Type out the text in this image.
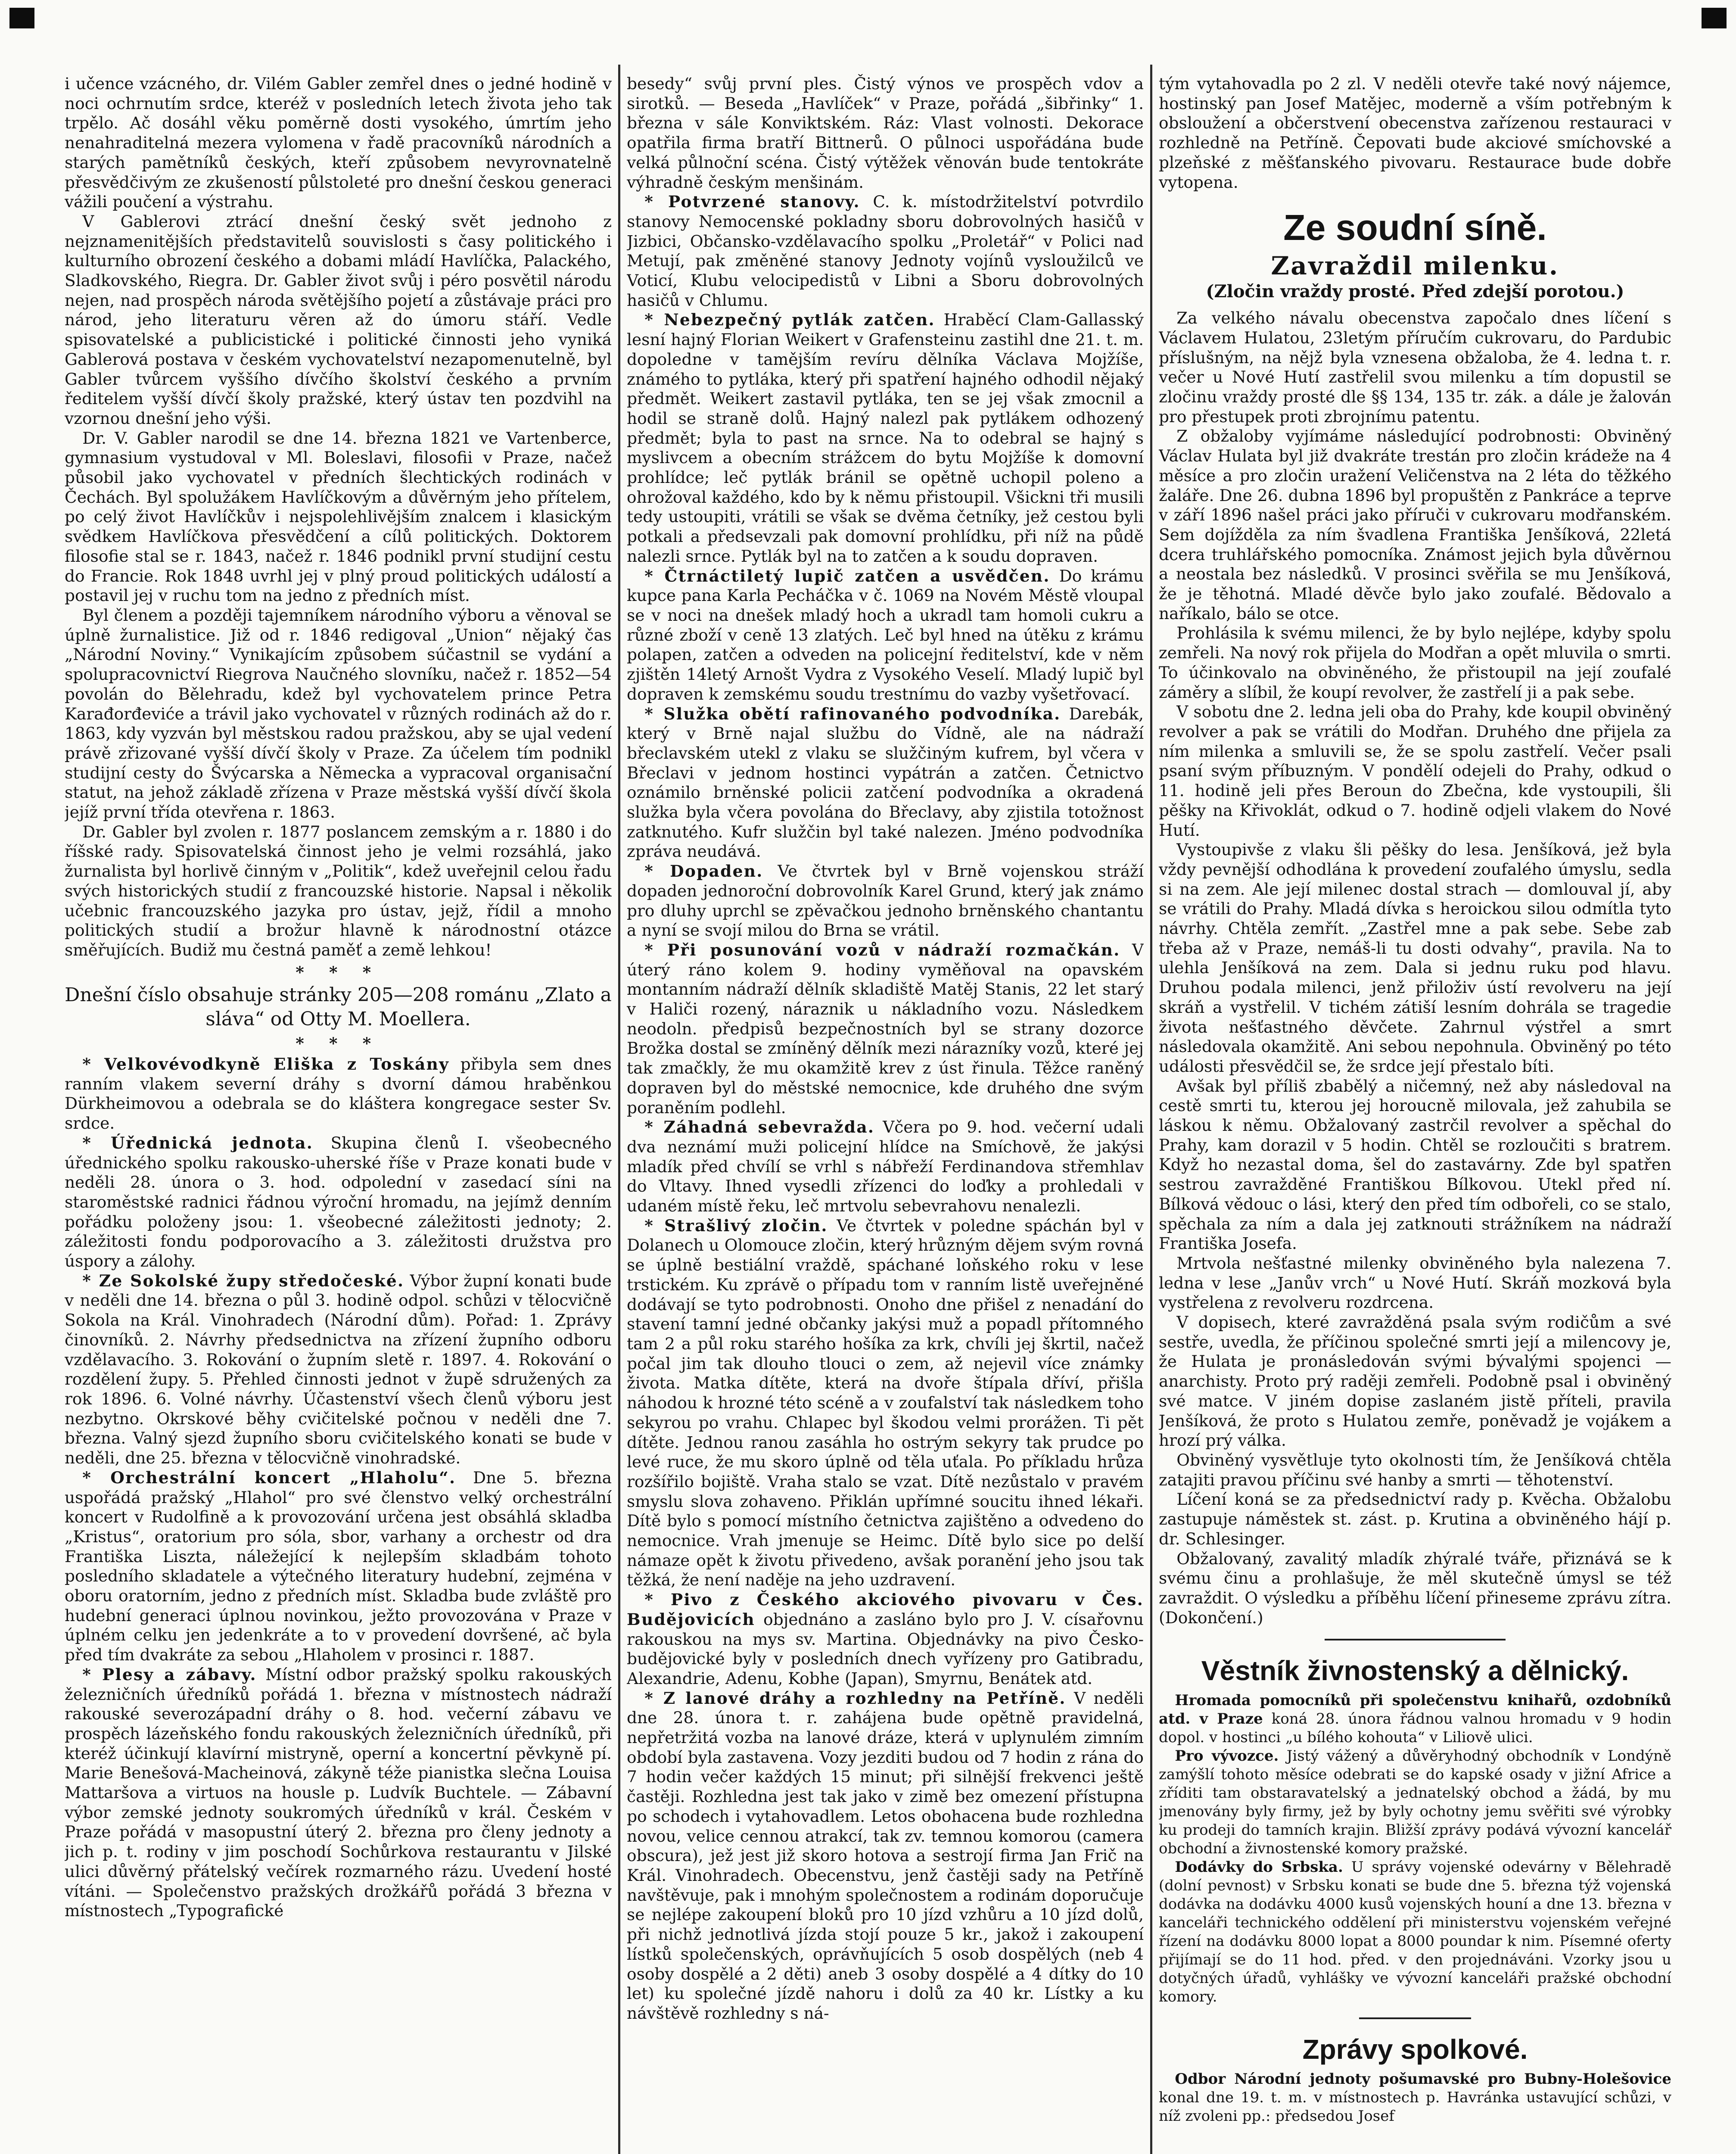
i učence vzácného, dr. Vilém Gabler zemřel dnes o jedné hodině v noci ochrnutím srdce, kteréž v posledních letech života jeho tak trpělo. Ač dosáhl věku poměrně dosti vysokého, úmrtím jeho nenahraditelná mezera vylomena v řadě pracovníků národních a starých pamětníků českých, kteří způsobem nevyrovnatelně přesvědčivým ze zkušeností půlstoleté pro dnešní českou generaci vážili poučení a výstrahu.

V Gablerovi ztrácí dnešní český svět jednoho z nejznamenitějších představitelů souvislosti s časy politického i kulturního obrození českého a dobami mládí Havlíčka, Palackého, Sladkovského, Riegra. Dr. Gabler život svůj i péro posvětil národu nejen, nad prospěch národa světějšího pojetí a zůstávaje práci pro národ, jeho literaturu věren až do úmoru stáří. Vedle spisovatelské a publicistické i politické činnosti jeho vyniká Gablerová postava v českém vychovatelství nezapomenutelně, byl Gabler tvůrcem vyššího dívčího školství českého a prvním ředitelem vyšší dívčí školy pražské, který ústav ten pozdvihl na vzornou dnešní jeho výši.

Dr. V. Gabler narodil se dne 14. března 1821 ve Vartenberce, gymnasium vystudoval v Ml. Boleslavi, filosofii v Praze, načež působil jako vychovatel v předních šlechtických rodinách v Čechách. Byl spolužákem Havlíčkovým a důvěrným jeho přítelem, po celý život Havlíčkův i nejspolehlivějším znalcem i klasickým svědkem Havlíčkova přesvědčení a cílů politických. Doktorem filosofie stal se r. 1843, načež r. 1846 podnikl první studijní cestu do Francie. Rok 1848 uvrhl jej v plný proud politických událostí a postavil jej v ruchu tom na jedno z předních míst.

Byl členem a později tajemníkem národního výboru a věnoval se úplně žurnalistice. Již od r. 1846 redigoval „Union“ nějaký čas „Národní Noviny.“ Vynikajícím způsobem súčastnil se vydání a spolupracovnictví Riegrova Naučného slovníku, načež r. 1852—54 povolán do Bělehradu, kdež byl vychovatelem prince Petra Karađorđeviće a trávil jako vychovatel v různých rodinách až do r. 1863, kdy vyzván byl městskou radou pražskou, aby se ujal vedení právě zřizované vyšší dívčí školy v Praze. Za účelem tím podnikl studijní cesty do Švýcarska a Německa a vypracoval organisační statut, na jehož základě zřízena v Praze městská vyšší dívčí škola jejíž první třída otevřena r. 1863.

Dr. Gabler byl zvolen r. 1877 poslancem zemským a r. 1880 i do říšské rady. Spisovatelská činnost jeho je velmi rozsáhlá, jako žurnalista byl horlivě činným v „Politik“, kdež uveřejnil celou řadu svých historických studií z francouzské historie. Napsal i několik učebnic francouzského jazyka pro ústav, jejž, řídil a mnoho politických studií a brožur hlavně k národnostní otázce směřujících. Budiž mu čestná paměť a země lehkou!

* * *

Dnešní číslo obsahuje stránky 205—208 románu „Zlato a sláva“ od Otty M. Moellera.

* * *

* Velkovévodkyně Eliška z Toskány přibyla sem dnes ranním vlakem severní dráhy s dvorní dámou hraběnkou Dürkheimovou a odebrala se do kláštera kongregace sester Sv. srdce.

* Úřednická jednota. Skupina členů I. všeobecného úřednického spolku rakousko-uherské říše v Praze konati bude v neděli 28. února o 3. hod. odpolední v zasedací síni na staroměstské radnici řádnou výroční hromadu, na jejímž denním pořádku položeny jsou: 1. všeobecné záležitosti jednoty; 2. záležitosti fondu podporovacího a 3. záležitosti družstva pro úspory a zálohy.

* Ze Sokolské župy středočeské. Výbor župní konati bude v neděli dne 14. března o půl 3. hodině odpol. schůzi v tělocvičně Sokola na Král. Vinohradech (Národní dům). Pořad: 1. Zprávy činovníků. 2. Návrhy předsednictva na zřízení župního odboru vzdělavacího. 3. Rokování o župním sletě r. 1897. 4. Rokování o rozdělení župy. 5. Přehled činnosti jednot v župě sdružených za rok 1896. 6. Volné návrhy. Účastenství všech členů výboru jest nezbytno. Okrskové běhy cvičitelské počnou v neděli dne 7. března. Valný sjezd župního sboru cvičitelského konati se bude v neděli, dne 25. března v tělocvičně vinohradské.

* Orchestrální koncert „Hlaholu“. Dne 5. března uspořádá pražský „Hlahol“ pro své členstvo velký orchestrální koncert v Rudolfině a k provozování určena jest obsáhlá skladba „Kristus“, oratorium pro sóla, sbor, varhany a orchestr od dra Františka Liszta, náležející k nejlepším skladbám tohoto posledního skladatele a výtečného literatury hudební, zejména v oboru oratorním, jedno z předních míst. Skladba bude zvláště pro hudební generaci úplnou novinkou, ježto provozována v Praze v úplném celku jen jedenkráte a to v provedení dovršené, ač byla před tím dvakráte za sebou „Hlaholem v prosinci r. 1887.

* Plesy a zábavy. Místní odbor pražský spolku rakouských železničních úředníků pořádá 1. března v místnostech nádraží rakouské severozápadní dráhy o 8. hod. večerní zábavu ve prospěch lázeňského fondu rakouských železničních úředníků, při kteréž účinkují klavírní mistryně, operní a koncertní pěvkyně pí. Marie Benešová-Macheinová, zákyně téže pianistka slečna Louisa Mattaršova a virtuos na housle p. Ludvík Buchtele. — Zábavní výbor zemské jednoty soukromých úředníků v král. Českém v Praze pořádá v masopustní úterý 2. března pro členy jednoty a jich p. t. rodiny v jim poschodí Sochůrkova restaurantu v Jilské ulici důvěrný přátelský večírek rozmarného rázu. Uvedení hosté vítáni. — Společenstvo pražských drožkářů pořádá 3 března v místnostech „Typografické

besedy“ svůj první ples. Čistý výnos ve prospěch vdov a sirotků. — Beseda „Havlíček“ v Praze, pořádá „šibřinky“ 1. března v sále Konviktském. Ráz: Vlast volnosti. Dekorace opatřila firma bratří Bittnerů. O půlnoci uspořádána bude velká půlnoční scéna. Čistý výtěžek věnován bude tentokráte výhradně českým menšinám.

* Potvrzené stanovy. C. k. místodržitelství potvrdilo stanovy Nemocenské pokladny sboru dobrovolných hasičů v Jizbici, Občansko-vzdělavacího spolku „Proletář“ v Polici nad Metují, pak změněné stanovy Jednoty vojínů vysloužilců ve Voticí, Klubu velocipedistů v Libni a Sboru dobrovolných hasičů v Chlumu.

* Nebezpečný pytlák zatčen. Hraběcí Clam-Gallasský lesní hajný Florian Weikert v Grafensteinu zastihl dne 21. t. m. dopoledne v tamějším revíru dělníka Václava Mojžíše, známého to pytláka, který při spatření hajného odhodil nějaký předmět. Weikert zastavil pytláka, ten se jej však zmocnil a hodil se straně dolů. Hajný nalezl pak pytlákem odhozený předmět; byla to past na srnce. Na to odebral se hajný s myslivcem a obecním strážcem do bytu Mojžíše k domovní prohlídce; leč pytlák bránil se opětně uchopil poleno a ohrožoval každého, kdo by k němu přistoupil. Všickni tři musili tedy ustoupiti, vrátili se však se dvěma četníky, jež cestou byli potkali a předsevzali pak domovní prohlídku, při níž na půdě nalezli srnce. Pytlák byl na to zatčen a k soudu dopraven.

* Čtrnáctiletý lupič zatčen a usvědčen. Do krámu kupce pana Karla Pecháčka v č. 1069 na Novém Městě vloupal se v noci na dnešek mladý hoch a ukradl tam homoli cukru a různé zboží v ceně 13 zlatých. Leč byl hned na útěku z krámu polapen, zatčen a odveden na policejní ředitelství, kde v něm zjištěn 14letý Arnošt Vydra z Vysokého Veselí. Mladý lupič byl dopraven k zemskému soudu trestnímu do vazby vyšetřovací.

* Služka obětí rafinovaného podvodníka. Darebák, který v Brně najal službu do Vídně, ale na nádraží břeclavském utekl z vlaku se služčiným kufrem, byl včera v Břeclavi v jednom hostinci vypátrán a zatčen. Četnictvo oznámilo brněnské policii zatčení podvodníka a okradená služka byla včera povolána do Břeclavy, aby zjistila totožnost zatknutého. Kufr služčin byl také nalezen. Jméno podvodníka zpráva neudává.

* Dopaden. Ve čtvrtek byl v Brně vojenskou stráží dopaden jednoroční dobrovolník Karel Grund, který jak známo pro dluhy uprchl se zpěvačkou jednoho brněnského chantantu a nyní se svojí milou do Brna se vrátil.

* Při posunování vozů v nádraží rozmačkán. V úterý ráno kolem 9. hodiny vyměňoval na opavském montanním nádraží dělník skladiště Matěj Stanis, 22 let starý v Haliči rozený, náraznik u nákladního vozu. Následkem neodoln. předpisů bezpečnostních byl se strany dozorce Brožka dostal se zmíněný dělník mezi nárazníky vozů, které jej tak zmačkly, že mu okamžitě krev z úst řinula. Těžce raněný dopraven byl do městské nemocnice, kde druhého dne svým poraněním podlehl.

* Záhadná sebevražda. Včera po 9. hod. večerní udali dva neznámí muži policejní hlídce na Smíchově, že jakýsi mladík před chvílí se vrhl s nábřeží Ferdinandova střemhlav do Vltavy. Ihned vysedli zřízenci do loďky a prohledali v udaném místě řeku, leč mrtvolu sebevrahovu nenalezli.

* Strašlivý zločin. Ve čtvrtek v poledne spáchán byl v Dolanech u Olomouce zločin, který hrůzným dějem svým rovná se úplně bestiální vraždě, spáchané loňského roku v lese trstickém. Ku zprávě o případu tom v ranním listě uveřejněné dodávají se tyto podrobnosti. Onoho dne přišel z nenadání do stavení tamní jedné občanky jakýsi muž a popadl přítomného tam 2 a půl roku starého hošíka za krk, chvíli jej škrtil, načež počal jim tak dlouho tlouci o zem, až nejevil více známky života. Matka dítěte, která na dvoře štípala dříví, přišla náhodou k hrozné této scéně a v zoufalství tak následkem toho sekyrou po vrahu. Chlapec byl škodou velmi prorážen. Ti pět dítěte. Jednou ranou zasáhla ho ostrým sekyry tak prudce po levé ruce, že mu skoro úplně od těla uťala. Po příkladu hrůza rozšířilo bojiště. Vraha stalo se vzat. Dítě nezůstalo v pravém smyslu slova zohaveno. Přiklán upřímné soucitu ihned lékaři. Dítě bylo s pomocí místního četnictva zajištěno a odvedeno do nemocnice. Vrah jmenuje se Heimc. Dítě bylo sice po delší námaze opět k životu přivedeno, avšak poranění jeho jsou tak těžká, že není naděje na jeho uzdravení.

* Pivo z Českého akciového pivovaru v Čes. Budějovicích objednáno a zasláno bylo pro J. V. císařovnu rakouskou na mys sv. Martina. Objednávky na pivo Česko-budějovické byly v posledních dnech vyřízeny pro Gatibradu, Alexandrie, Adenu, Kobhe (Japan), Smyrnu, Benátek atd.

* Z lanové dráhy a rozhledny na Petříně. V neděli dne 28. února t. r. zahájena bude opětně pravidelná, nepřetržitá vozba na lanové dráze, která v uplynulém zimním období byla zastavena. Vozy jezditi budou od 7 hodin z rána do 7 hodin večer každých 15 minut; při silnější frekvenci ještě častěji. Rozhledna jest tak jako v zimě bez omezení přístupna po schodech i vytahovadlem. Letos obohacena bude rozhledna novou, velice cennou atrakcí, tak zv. temnou komorou (camera obscura), jež jest již skoro hotova a sestrojí firma Jan Frič na Král. Vinohradech. Obecenstvu, jenž častěji sady na Petříně navštěvuje, pak i mnohým společnostem a rodinám doporučuje se nejlépe zakoupení bloků pro 10 jízd vzhůru a 10 jízd dolů, při nichž jednotlivá jízda stojí pouze 5 kr., jakož i zakoupení lístků společenských, oprávňujících 5 osob dospělých (neb 4 osoby dospělé a 2 děti) aneb 3 osoby dospělé a 4 dítky do 10 let) ku společné jízdě nahoru i dolů za 40 kr. Lístky a ku návštěvě rozhledny s ná-

tým vytahovadla po 2 zl. V neděli otevře také nový nájemce, hostinský pan Josef Matějec, moderně a vším potřebným k obsloužení a občerstvení obecenstva zařízenou restauraci v rozhledně na Petříně. Čepovati bude akciové smíchovské a plzeňské z měšťanského pivovaru. Restaurace bude dobře vytopena.

Ze soudní síně.
Zavraždil milenku.
(Zločin vraždy prosté. Před zdejší porotou.)

Za velkého návalu obecenstva započalo dnes líčení s Václavem Hulatou, 23letým příručím cukrovaru, do Pardubic příslušným, na nějž byla vznesena obžaloba, že 4. ledna t. r. večer u Nové Hutí zastřelil svou milenku a tím dopustil se zločinu vraždy prosté dle §§ 134, 135 tr. zák. a dále je žalován pro přestupek proti zbrojnímu patentu.

Z obžaloby vyjímáme následující podrobnosti: Obviněný Václav Hulata byl již dvakráte trestán pro zločin krádeže na 4 měsíce a pro zločin uražení Veličenstva na 2 léta do těžkého žaláře. Dne 26. dubna 1896 byl propuštěn z Pankráce a teprve v září 1896 našel práci jako příruči v cukrovaru modřanském. Sem dojížděla za ním švadlena Františka Jenšíková, 22letá dcera truhlářského pomocníka. Známost jejich byla důvěrnou a neostala bez následků. V prosinci svěřila se mu Jenšíková, že je těhotná. Mladé děvče bylo jako zoufalé. Bědovalo a naříkalo, bálo se otce.

Prohlásila k svému milenci, že by bylo nejlépe, kdyby spolu zemřeli. Na nový rok přijela do Modřan a opět mluvila o smrti. To účinkovalo na obviněného, že přistoupil na její zoufalé záměry a slíbil, že koupí revolver, že zastřelí ji a pak sebe.

V sobotu dne 2. ledna jeli oba do Prahy, kde koupil obviněný revolver a pak se vrátili do Modřan. Druhého dne přijela za ním milenka a smluvili se, že se spolu zastřelí. Večer psali psaní svým příbuzným. V pondělí odejeli do Prahy, odkud o 11. hodině jeli přes Beroun do Zbečna, kde vystoupili, šli pěšky na Křivoklát, odkud o 7. hodině odjeli vlakem do Nové Hutí.

Vystoupivše z vlaku šli pěšky do lesa. Jenšíková, jež byla vždy pevnější odhodlána k provedení zoufalého úmyslu, sedla si na zem. Ale její milenec dostal strach — domlouval jí, aby se vrátili do Prahy. Mladá dívka s heroickou silou odmítla tyto návrhy. Chtěla zemřít. „Zastřel mne a pak sebe. Sebe zab třeba až v Praze, nemáš-li tu dosti odvahy“, pravila. Na to ulehla Jenšíková na zem. Dala si jednu ruku pod hlavu. Druhou podala milenci, jenž přiloživ ústí revolveru na její skráň a vystřelil. V tichém zátiší lesním dohrála se tragedie života nešťastného děvčete. Zahrnul výstřel a smrt následovala okamžitě. Ani sebou nepohnula. Obviněný po této události přesvědčil se, že srdce její přestalo bíti.

Avšak byl příliš zbabělý a ničemný, než aby následoval na cestě smrti tu, kterou jej horoucně milovala, jež zahubila se láskou k němu. Obžalovaný zastrčil revolver a spěchal do Prahy, kam dorazil v 5 hodin. Chtěl se rozloučiti s bratrem. Když ho nezastal doma, šel do zastavárny. Zde byl spatřen sestrou zavražděné Františkou Bílkovou. Utekl před ní. Bílková vědouc o lási, který den před tím odbořeli, co se stalo, spěchala za ním a dala jej zatknouti strážníkem na nádraží Františka Josefa.

Mrtvola nešťastné milenky obviněného byla nalezena 7. ledna v lese „Janův vrch“ u Nové Hutí. Skráň mozková byla vystřelena z revolveru rozdrcena.

V dopisech, které zavražděná psala svým rodičům a své sestře, uvedla, že příčinou společné smrti její a milencovy je, že Hulata je pronásledován svými bývalými spojenci — anarchisty. Proto prý raději zemřeli. Podobně psal i obviněný své matce. V jiném dopise zaslaném jistě příteli, pravila Jenšíková, že proto s Hulatou zemře, poněvadž je vojákem a hrozí prý válka.

Obviněný vysvětluje tyto okolnosti tím, že Jenšíková chtěla zatajiti pravou příčinu své hanby a smrti — těhotenství.

Líčení koná se za předsednictví rady p. Kvěcha. Obžalobu zastupuje náměstek st. zást. p. Krutina a obviněného hájí p. dr. Schlesinger.

Obžalovaný, zavalitý mladík zhýralé tváře, přiznává se k svému činu a prohlašuje, že měl skutečně úmysl se též zavraždit. O výsledku a příběhu líčení přineseme zprávu zítra. (Dokončení.)

Věstník živnostenský a dělnický.

Hromada pomocníků při společenstvu knihařů, ozdobníků atd. v Praze koná 28. února řádnou valnou hromadu v 9 hodin dopol. v hostinci „u bílého kohouta“ v Liliově ulici.

Pro vývozce. Jistý vážený a důvěryhodný obchodník v Londýně zamýšlí tohoto měsíce odebrati se do kapské osady v jižní Africe a zříditi tam obstaravatelský a jednatelský obchod a žádá, by mu jmenovány byly firmy, jež by byly ochotny jemu svěřiti své výrobky ku prodeji do tamních krajin. Bližší zprávy podává vývozní kancelář obchodní a živnostenské komory pražské.

Dodávky do Srbska. U správy vojenské odevárny v Bělehradě (dolní pevnost) v Srbsku konati se bude dne 5. března týž vojenská dodávka na dodávku 4000 kusů vojenských houní a dne 13. března v kanceláři technického oddělení při ministerstvu vojenském veřejné řízení na dodávku 8000 lopat a 8000 poundar k nim. Písemné oferty přijímají se do 11 hod. před. v den projednáváni. Vzorky jsou u dotyčných úřadů, vyhlášky ve vývozní kanceláři pražské obchodní komory.

Zprávy spolkové.

Odbor Národní jednoty pošumavské pro Bubny-Holešovice konal dne 19. t. m. v místnostech p. Havránka ustavující schůzi, v níž zvoleni pp.: předsedou Josef
